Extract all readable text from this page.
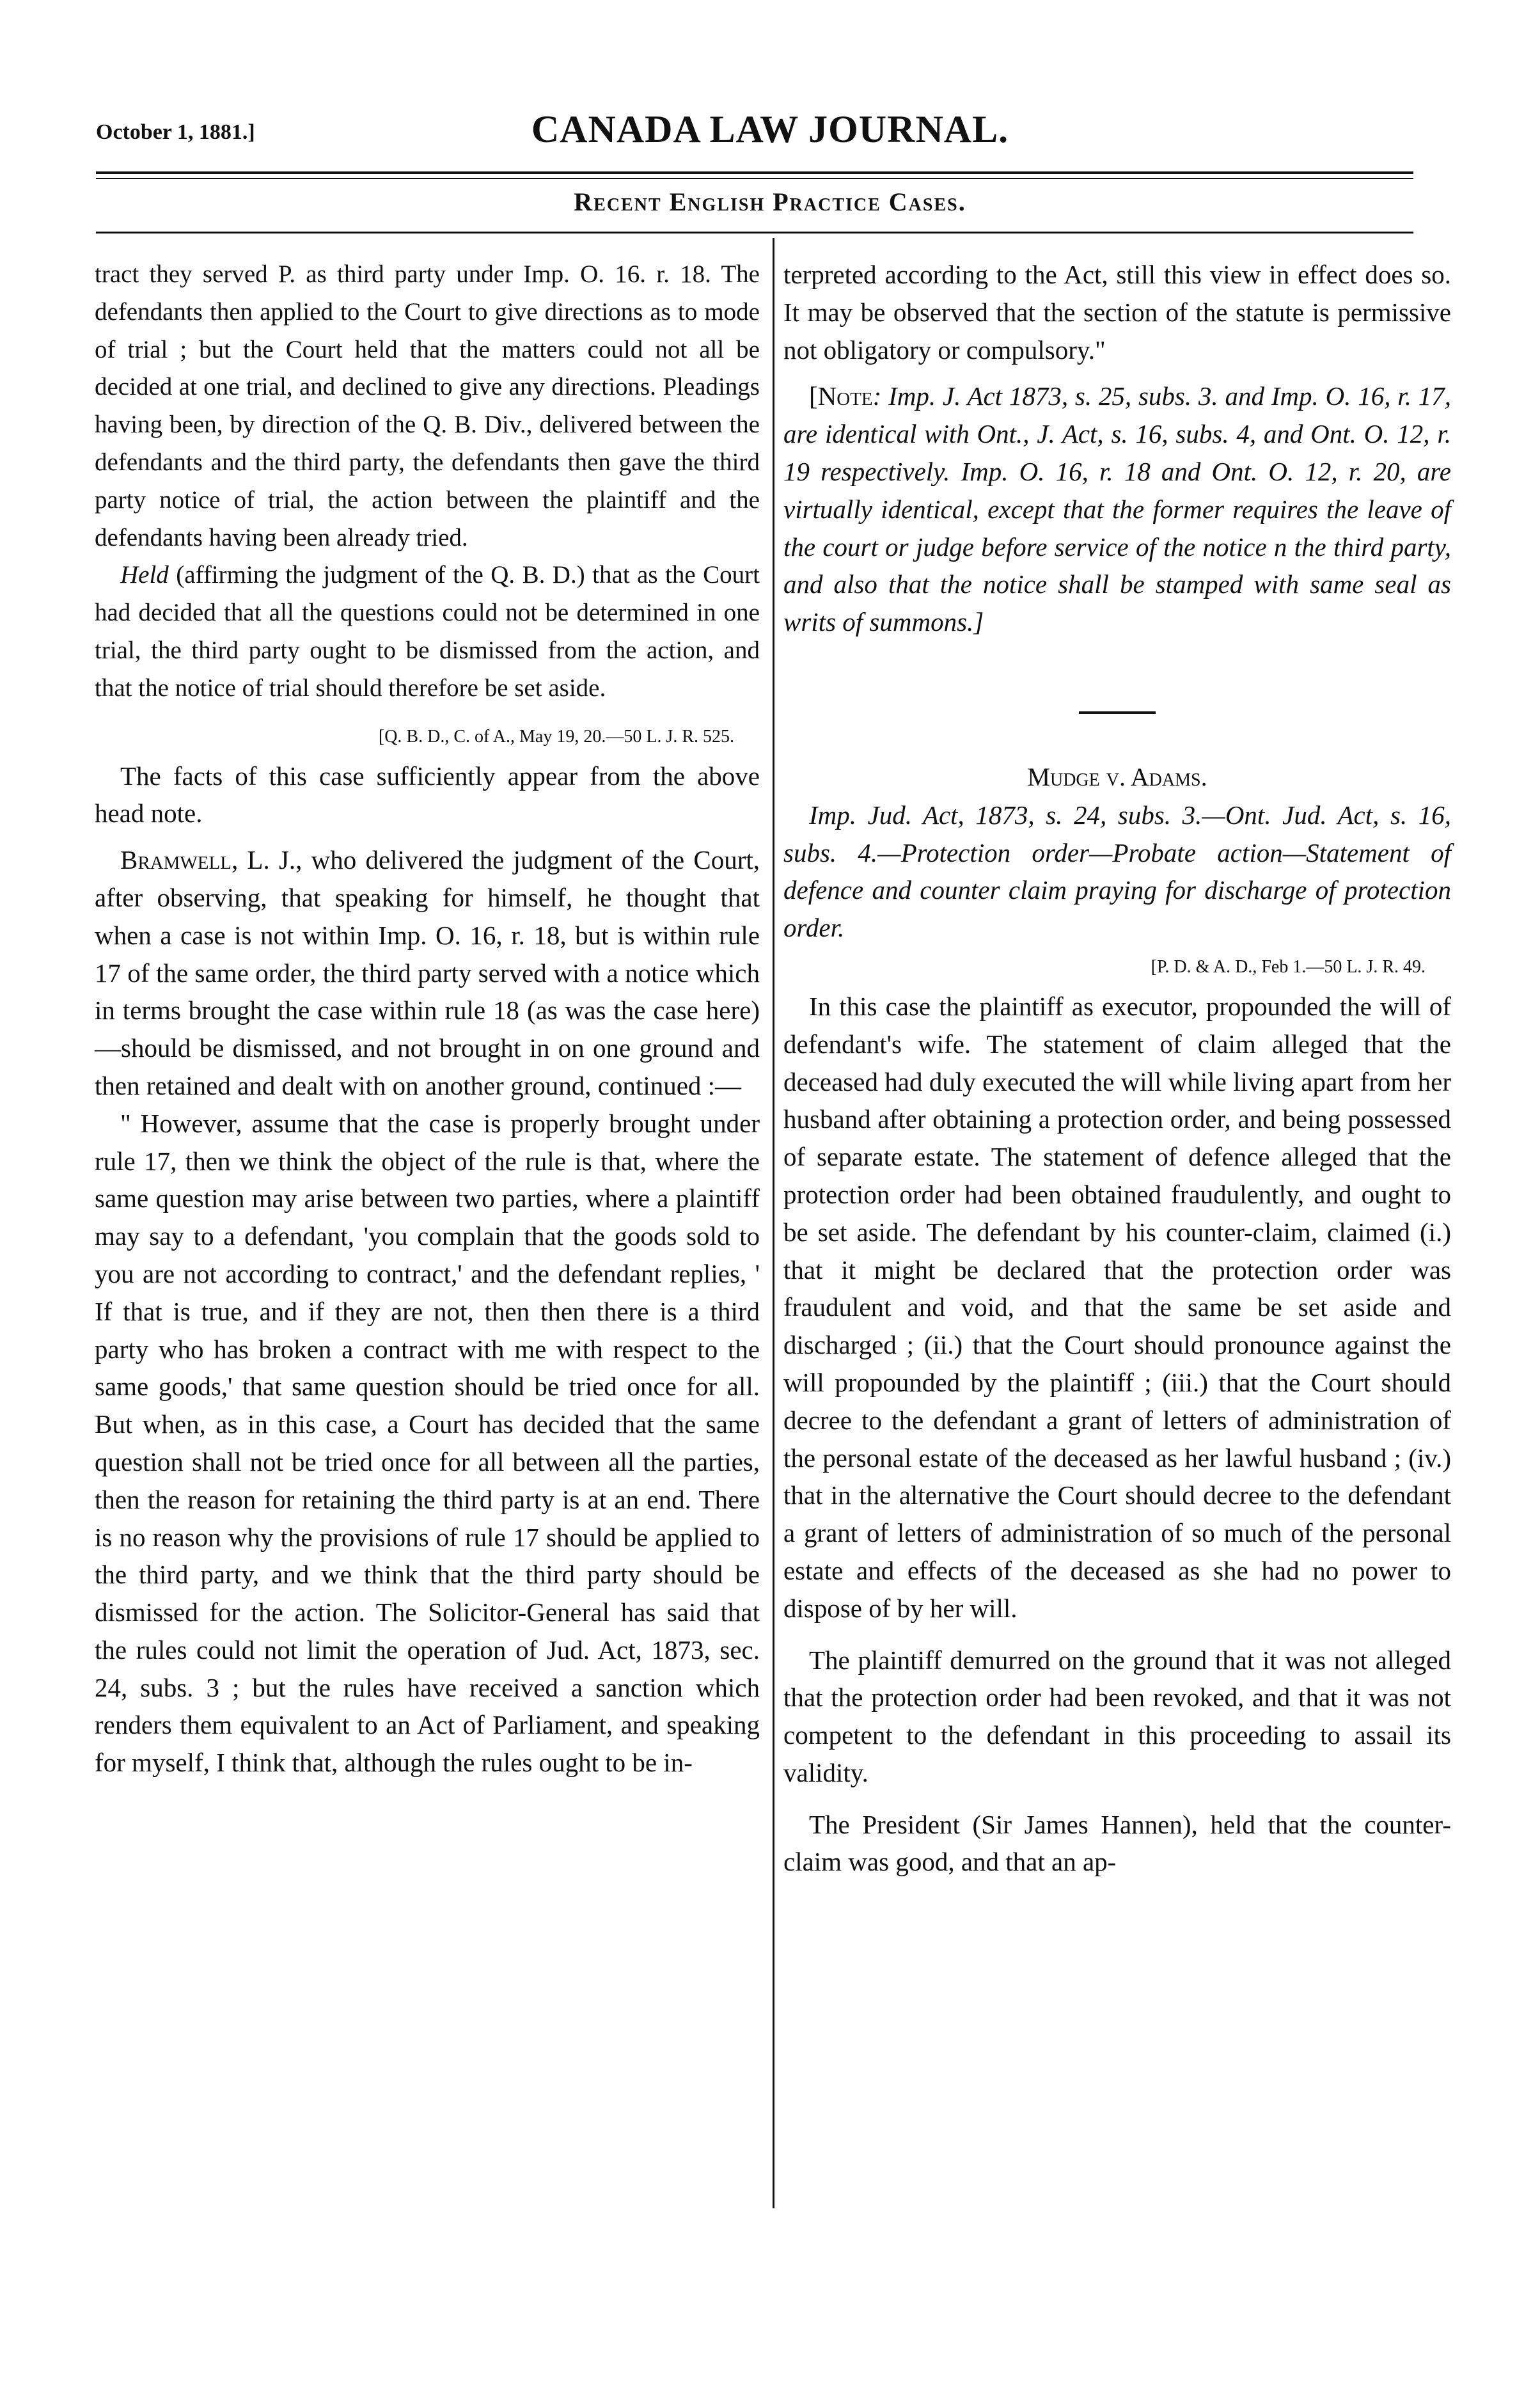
October 1, 1881.]	CANADA LAW JOURNAL.
Recent English Practice Cases.

tract they served P. as third party under Imp. O. 16. r. 18. The defendants then applied to the Court to give directions as to mode of trial ; but the Court held that the matters could not all be decided at one trial, and declined to give any directions. Pleadings having been, by direction of the Q. B. Div., delivered between the defendants and the third party, the defendants then gave the third party notice of trial, the action between the plaintiff and the defendants having been already tried.

Held (affirming the judgment of the Q. B. D.) that as the Court had decided that all the questions could not be determined in one trial, the third party ought to be dismissed from the action, and that the notice of trial should therefore be set aside.

[Q. B. D., C. of A., May 19, 20.—50 L. J. R. 525.

The facts of this case sufficiently appear from the above head note.

Bramwell, L. J., who delivered the judgment of the Court, after observing, that speaking for himself, he thought that when a case is not within Imp. O. 16, r. 18, but is within rule 17 of the same order, the third party served with a notice which in terms brought the case within rule 18 (as was the case here) —should be dismissed, and not brought in on one ground and then retained and dealt with on another ground, continued :—

" However, assume that the case is properly brought under rule 17, then we think the object of the rule is that, where the same question may arise between two parties, where a plaintiff may say to a defendant, 'you complain that the goods sold to you are not according to contract,' and the defendant replies, ' If that is true, and if they are not, then then there is a third party who has broken a contract with me with respect to the same goods,' that same question should be tried once for all. But when, as in this case, a Court has decided that the same question shall not be tried once for all between all the parties, then the reason for retaining the third party is at an end. There is no reason why the provisions of rule 17 should be applied to the third party, and we think that the third party should be dismissed for the action. The Solicitor-General has said that the rules could not limit the operation of Jud. Act, 1873, sec. 24, subs. 3 ; but the rules have received a sanction which renders them equivalent to an Act of Parliament, and speaking for myself, I think that, although the rules ought to be in-

terpreted according to the Act, still this view in effect does so. It may be observed that the section of the statute is permissive not obligatory or compulsory."

[Note: Imp. J. Act 1873, s. 25, subs. 3. and Imp. O. 16, r. 17, are identical with Ont., J. Act, s. 16, subs. 4, and Ont. O. 12, r. 19 respectively. Imp. O. 16, r. 18 and Ont. O. 12, r. 20, are virtually identical, except that the former requires the leave of the court or judge before service of the notice n the third party, and also that the notice shall be stamped with same seal as writs of summons.]

Mudge v. Adams.

Imp. Jud. Act, 1873, s. 24, subs. 3.—Ont. Jud. Act, s. 16, subs. 4.—Protection order—Probate action—Statement of defence and counter claim praying for discharge of protection order.

[P. D. & A. D., Feb 1.—50 L. J. R. 49.

In this case the plaintiff as executor, propounded the will of defendant's wife. The statement of claim alleged that the deceased had duly executed the will while living apart from her husband after obtaining a protection order, and being possessed of separate estate. The statement of defence alleged that the protection order had been obtained fraudulently, and ought to be set aside. The defendant by his counter-claim, claimed (i.) that it might be declared that the protection order was fraudulent and void, and that the same be set aside and discharged ; (ii.) that the Court should pronounce against the will propounded by the plaintiff ; (iii.) that the Court should decree to the defendant a grant of letters of administration of the personal estate of the deceased as her lawful husband ; (iv.) that in the alternative the Court should decree to the defendant a grant of letters of administration of so much of the personal estate and effects of the deceased as she had no power to dispose of by her will.

The plaintiff demurred on the ground that it was not alleged that the protection order had been revoked, and that it was not competent to the defendant in this proceeding to assail its validity.

The President (Sir James Hannen), held that the counter-claim was good, and that an ap-
